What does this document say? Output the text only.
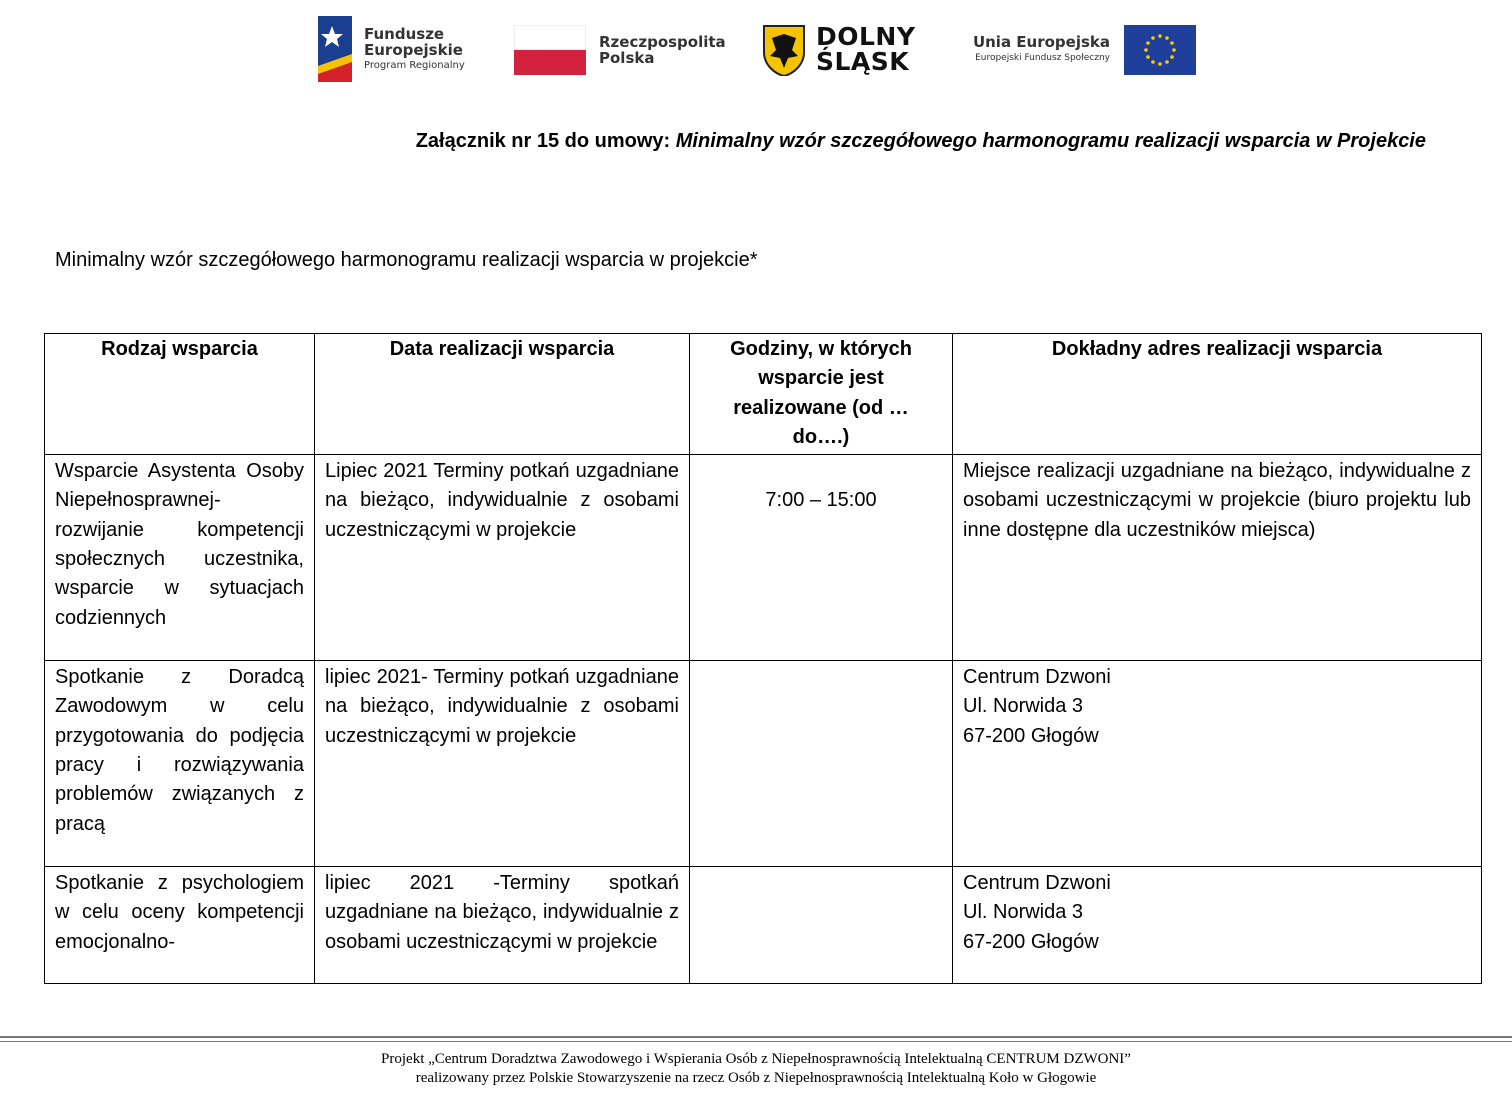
Fundusze
Europejskie
Program Regionalny
Rzeczpospolita
Polska
DOLNY
ŚLĄSK
Unia Europejska
Europejski Fundusz Społeczny
Załącznik nr 15 do umowy: Minimalny wzór szczegółowego harmonogramu realizacji wsparcia w Projekcie
Minimalny wzór szczegółowego harmonogramu realizacji wsparcia w projekcie*
Rodzaj wsparcia	Data realizacji wsparcia	Godziny, w których wsparcie jest realizowane (od … do….)	Dokładny adres realizacji wsparcia
Wsparcie Asystenta Osoby Niepełnosprawnej- rozwijanie kompetencji społecznych uczestnika, wsparcie w sytuacjach codziennych	Lipiec 2021 Terminy potkań uzgadniane na bieżąco, indywidualnie z osobami uczestniczącymi w projekcie	7:00 – 15:00	Miejsce realizacji uzgadniane na bieżąco, indywidualne z osobami uczestniczącymi w projekcie (biuro projektu lub inne dostępne dla uczestników miejsca)
Spotkanie z Doradcą Zawodowym w celu przygotowania do podjęcia pracy i rozwiązywania problemów związanych z pracą	lipiec 2021- Terminy potkań uzgadniane na bieżąco, indywidualnie z osobami uczestniczącymi w projekcie		Centrum Dzwoni
Ul. Norwida 3
67-200 Głogów

Spotkanie z psychologiem w celu oceny kompetencji emocjonalno-	lipiec 2021 -Terminy spotkań uzgadniane na bieżąco, indywidualnie z osobami uczestniczącymi w projekcie		Centrum Dzwoni
Ul. Norwida 3
67-200 Głogów
Projekt „Centrum Doradztwa Zawodowego i Wspierania Osób z Niepełnosprawnością Intelektualną CENTRUM DZWONI”
realizowany przez Polskie Stowarzyszenie na rzecz Osób z Niepełnosprawnością Intelektualną Koło w Głogowie
